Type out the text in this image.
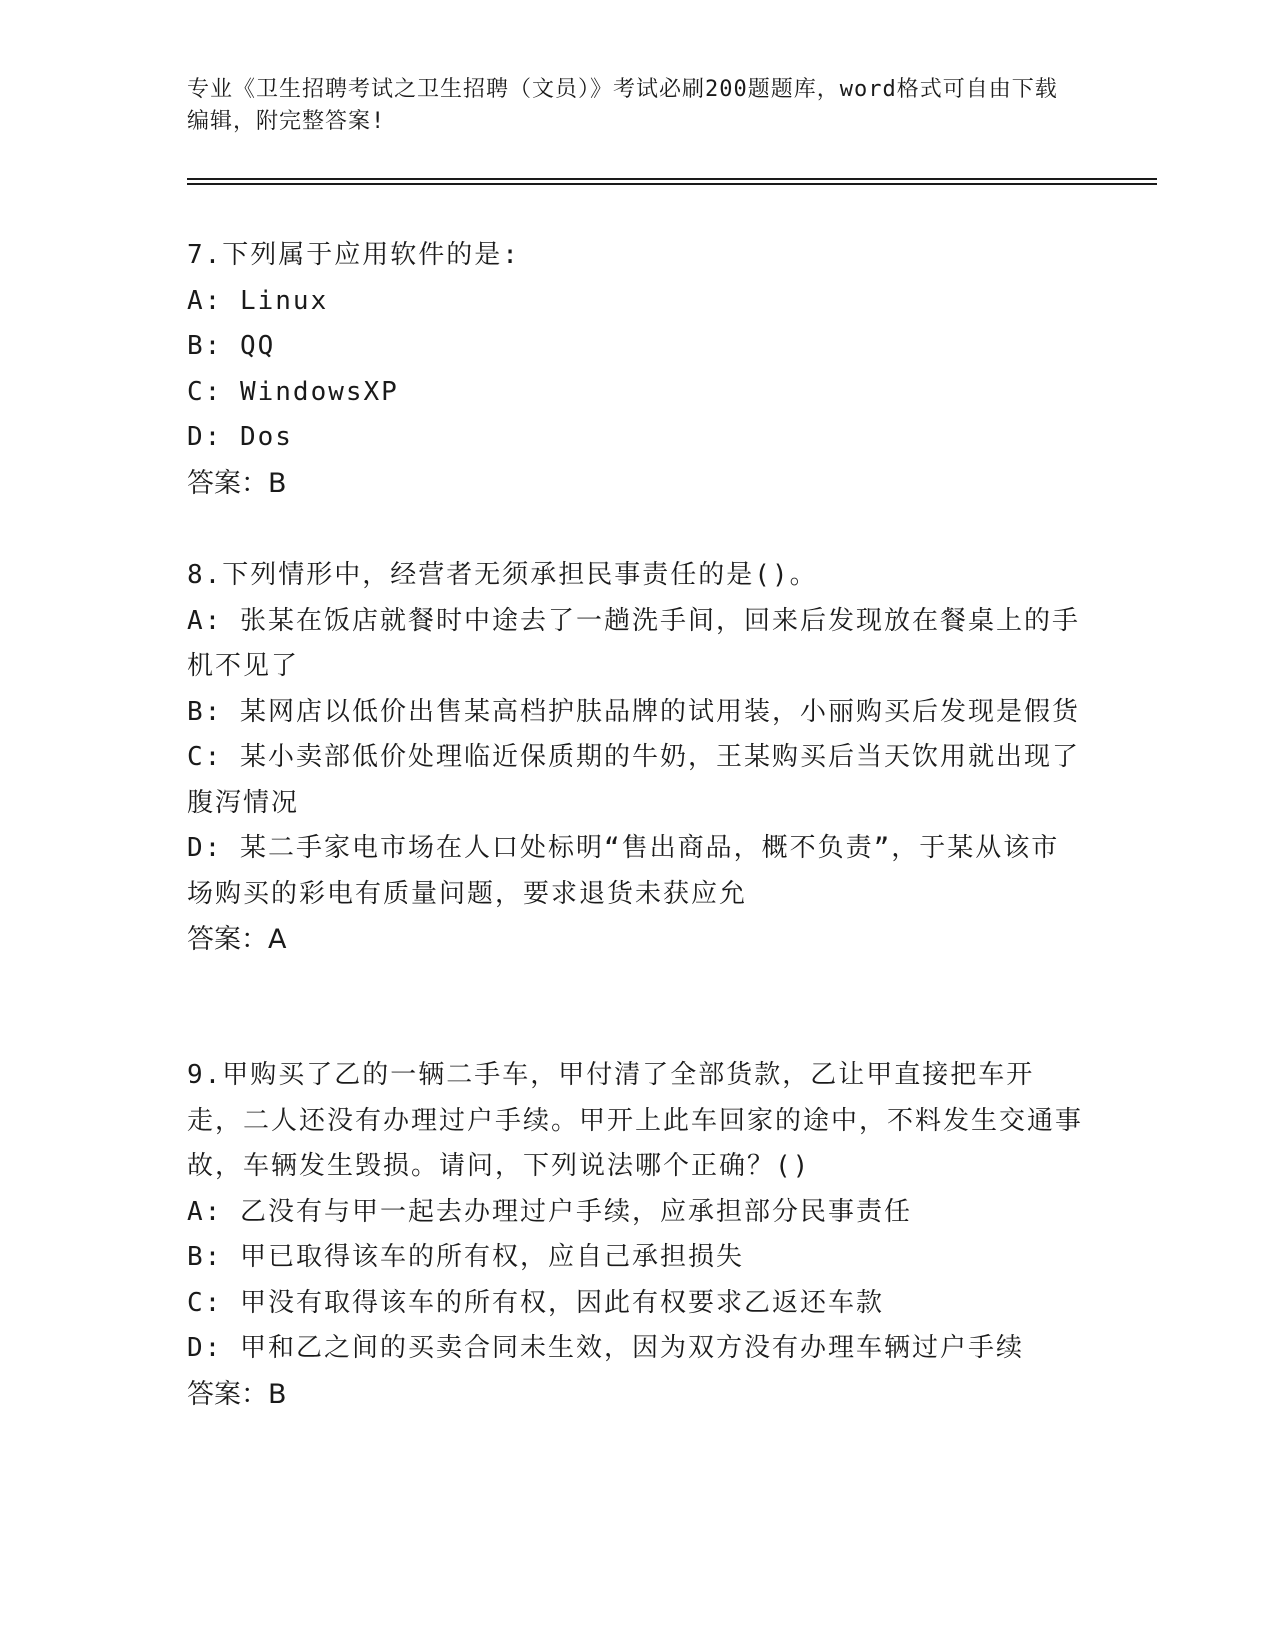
专业《卫生招聘考试之卫生招聘（文员）》考试必刷200题题库，word格式可自由下载编辑，附完整答案!

7.下列属于应用软件的是:

A: Linux

B: QQ

C: WindowsXP

D: Dos

答案：B

8.下列情形中，经营者无须承担民事责任的是()。

A: 张某在饭店就餐时中途去了一趟洗手间，回来后发现放在餐桌上的手机不见了

B: 某网店以低价出售某高档护肤品牌的试用装，小丽购买后发现是假货

C: 某小卖部低价处理临近保质期的牛奶，王某购买后当天饮用就出现了腹泻情况

D: 某二手家电市场在人口处标明“售出商品，概不负责”，于某从该市场购买的彩电有质量问题，要求退货未获应允

答案：A

9.甲购买了乙的一辆二手车，甲付清了全部货款，乙让甲直接把车开走，二人还没有办理过户手续。甲开上此车回家的途中，不料发生交通事故，车辆发生毁损。请问，下列说法哪个正确？()

A: 乙没有与甲一起去办理过户手续，应承担部分民事责任

B: 甲已取得该车的所有权，应自己承担损失

C: 甲没有取得该车的所有权，因此有权要求乙返还车款

D: 甲和乙之间的买卖合同未生效，因为双方没有办理车辆过户手续

答案：B
